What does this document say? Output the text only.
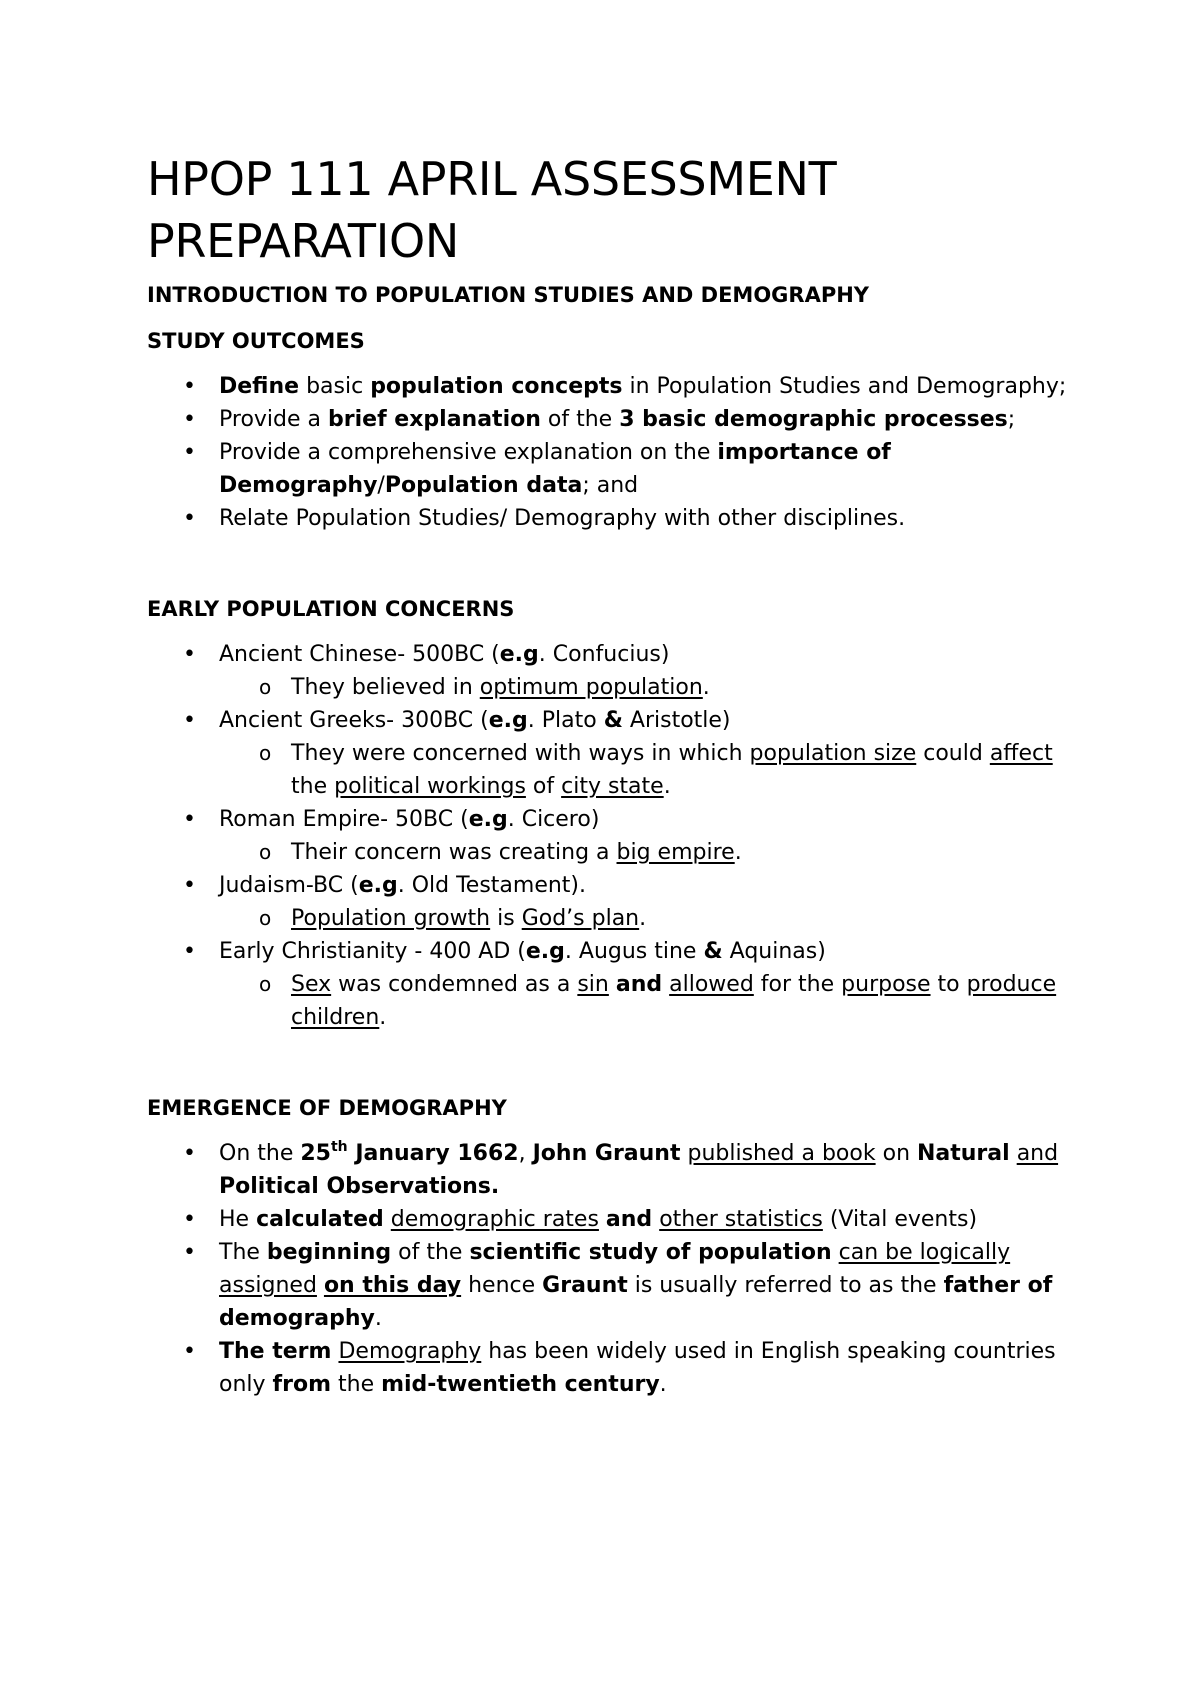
HPOP 111 APRIL ASSESSMENT
PREPARATION
INTRODUCTION TO POPULATION STUDIES AND DEMOGRAPHY
STUDY OUTCOMES
• Define basic population concepts in Population Studies and Demography;
• Provide a brief explanation of the 3 basic demographic processes;
• Provide a comprehensive explanation on the importance of Demography/Population data; and
• Relate Population Studies/ Demography with other disciplines.
EARLY POPULATION CONCERNS
• Ancient Chinese- 500BC (e.g. Confucius)
o They believed in optimum population.
• Ancient Greeks- 300BC (e.g. Plato & Aristotle)
o They were concerned with ways in which population size could affect the political workings of city state.
• Roman Empire- 50BC (e.g. Cicero)
o Their concern was creating a big empire.
• Judaism-BC (e.g. Old Testament).
o Population growth is God’s plan.
• Early Christianity - 400 AD (e.g. Augus tine & Aquinas)
o Sex was condemned as a sin and allowed for the purpose to produce children.
EMERGENCE OF DEMOGRAPHY
• On the 25th January 1662, John Graunt published a book on Natural and Political Observations.
• He calculated demographic rates and other statistics (Vital events)
• The beginning of the scientific study of population can be logically assigned on this day hence Graunt is usually referred to as the father of demography.
• The term Demography has been widely used in English speaking countries only from the mid-twentieth century.
